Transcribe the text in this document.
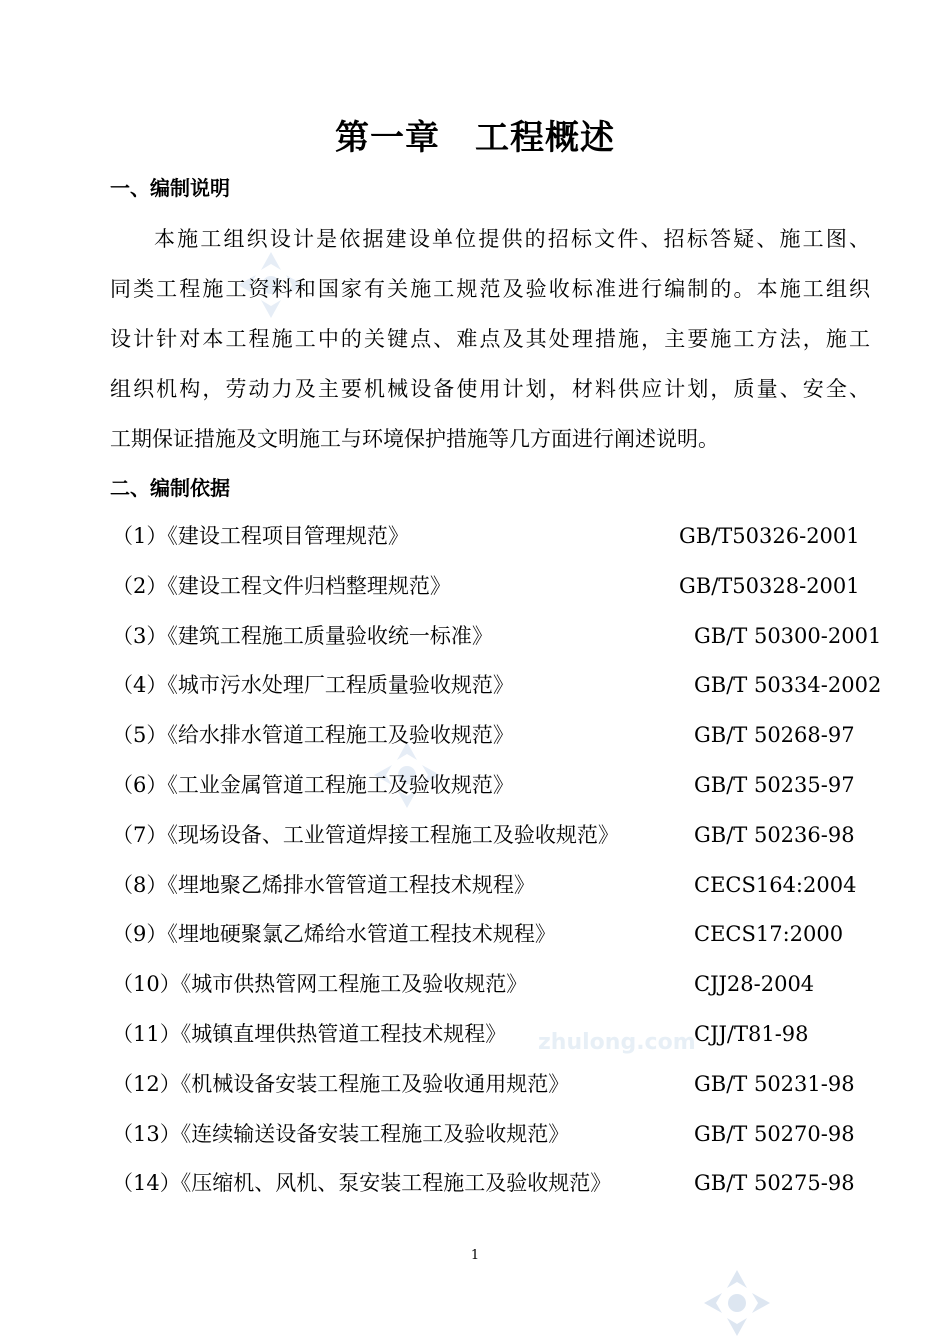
zhulong.com
第一章　工程概述
一、编制说明
本施工组织设计是依据建设单位提供的招标文件、招标答疑、施工图、
同类工程施工资料和国家有关施工规范及验收标准进行编制的。本施工组织
设计针对本工程施工中的关键点、难点及其处理措施，主要施工方法，施工
组织机构，劳动力及主要机械设备使用计划，材料供应计划，质量、安全、
工期保证措施及文明施工与环境保护措施等几方面进行阐述说明。
二、编制依据
（1）《建设工程项目管理规范》	GB/T50326-2001
（2）《建设工程文件归档整理规范》	GB/T50328-2001
（3）《建筑工程施工质量验收统一标准》	GB/T 50300-2001
（4）《城市污水处理厂工程质量验收规范》	GB/T 50334-2002
（5）《给水排水管道工程施工及验收规范》	GB/T 50268-97
（6）《工业金属管道工程施工及验收规范》	GB/T 50235-97
（7）《现场设备、工业管道焊接工程施工及验收规范》	GB/T 50236-98
（8）《埋地聚乙烯排水管管道工程技术规程》	CECS164:2004
（9）《埋地硬聚氯乙烯给水管道工程技术规程》	CECS17:2000
（10）《城市供热管网工程施工及验收规范》	CJJ28-2004
（11）《城镇直埋供热管道工程技术规程》	CJJ/T81-98
（12）《机械设备安装工程施工及验收通用规范》	GB/T 50231-98
（13）《连续输送设备安装工程施工及验收规范》	GB/T 50270-98
（14）《压缩机、风机、泵安装工程施工及验收规范》	GB/T 50275-98
1
